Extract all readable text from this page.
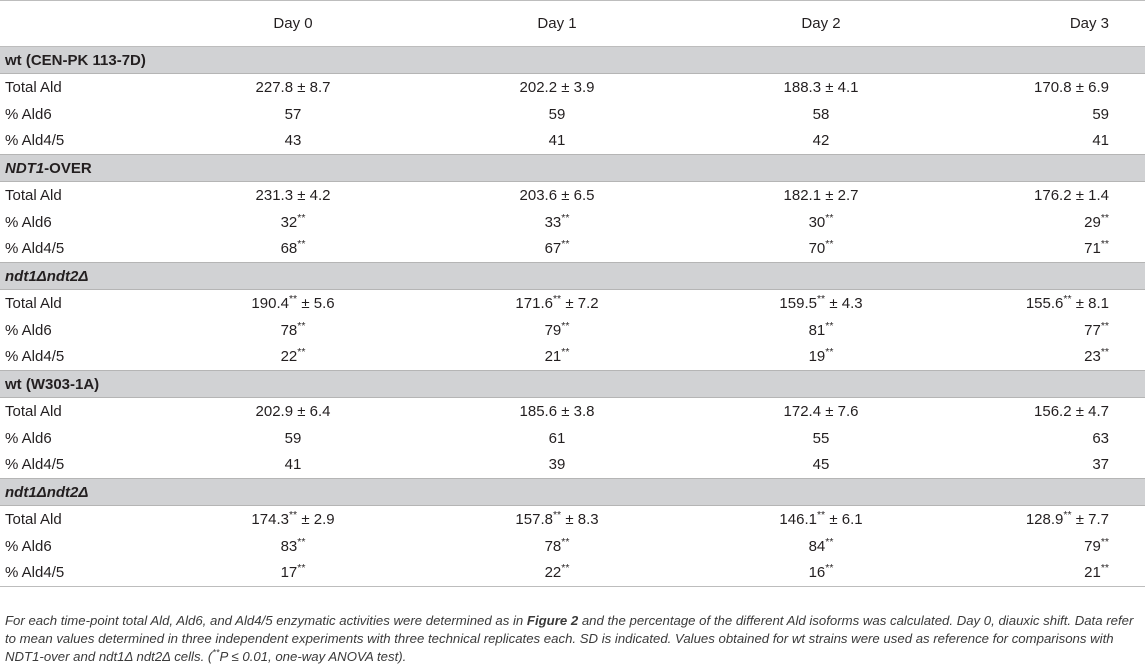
	Day 0	Day 1	Day 2	Day 3
wt (CEN-PK 113-7D)				
Total Ald	227.8 ± 8.7	202.2 ± 3.9	188.3 ± 4.1	170.8 ± 6.9
% Ald6	57	59	58	59
% Ald4/5	43	41	42	41
NDT1-OVER				
Total Ald	231.3 ± 4.2	203.6 ± 6.5	182.1 ± 2.7	176.2 ± 1.4
% Ald6	32**	33**	30**	29**
% Ald4/5	68**	67**	70**	71**
ndt1Δndt2Δ				
Total Ald	190.4** ± 5.6	171.6** ± 7.2	159.5** ± 4.3	155.6** ± 8.1
% Ald6	78**	79**	81**	77**
% Ald4/5	22**	21**	19**	23**
wt (W303-1A)				
Total Ald	202.9 ± 6.4	185.6 ± 3.8	172.4 ± 7.6	156.2 ± 4.7
% Ald6	59	61	55	63
% Ald4/5	41	39	45	37
ndt1Δndt2Δ				
Total Ald	174.3** ± 2.9	157.8** ± 8.3	146.1** ± 6.1	128.9** ± 7.7
% Ald6	83**	78**	84**	79**
% Ald4/5	17**	22**	16**	21**
For each time-point total Ald, Ald6, and Ald4/5 enzymatic activities were determined as in Figure 2 and the percentage of the different Ald isoforms was calculated. Day 0, diauxic shift. Data refer to mean values determined in three independent experiments with three technical replicates each. SD is indicated. Values obtained for wt strains were used as reference for comparisons with NDT1-over and ndt1Δ ndt2Δ cells. (**P ≤ 0.01, one-way ANOVA test).
